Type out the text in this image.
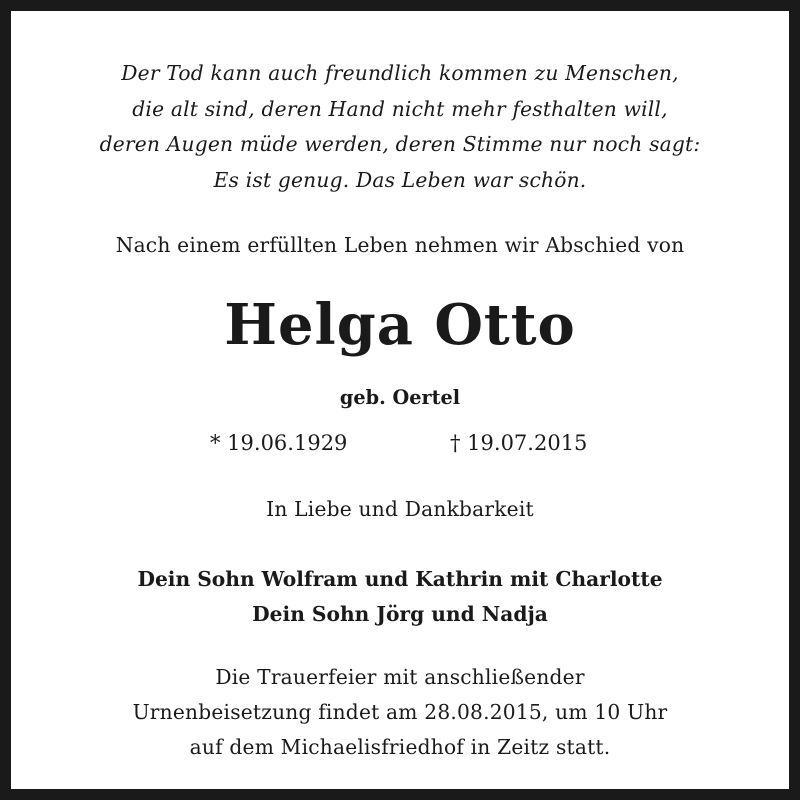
Der Tod kann auch freundlich kommen zu Menschen,
die alt sind, deren Hand nicht mehr festhalten will,
deren Augen müde werden, deren Stimme nur noch sagt:
Es ist genug. Das Leben war schön.
Nach einem erfüllten Leben nehmen wir Abschied von
Helga Otto
geb. Oertel
* 19.06.1929	† 19.07.2015
In Liebe und Dankbarkeit
Dein Sohn Wolfram und Kathrin mit Charlotte
Dein Sohn Jörg und Nadja
Die Trauerfeier mit anschließender
Urnenbeisetzung findet am 28.08.2015, um 10 Uhr
auf dem Michaelisfriedhof in Zeitz statt.
